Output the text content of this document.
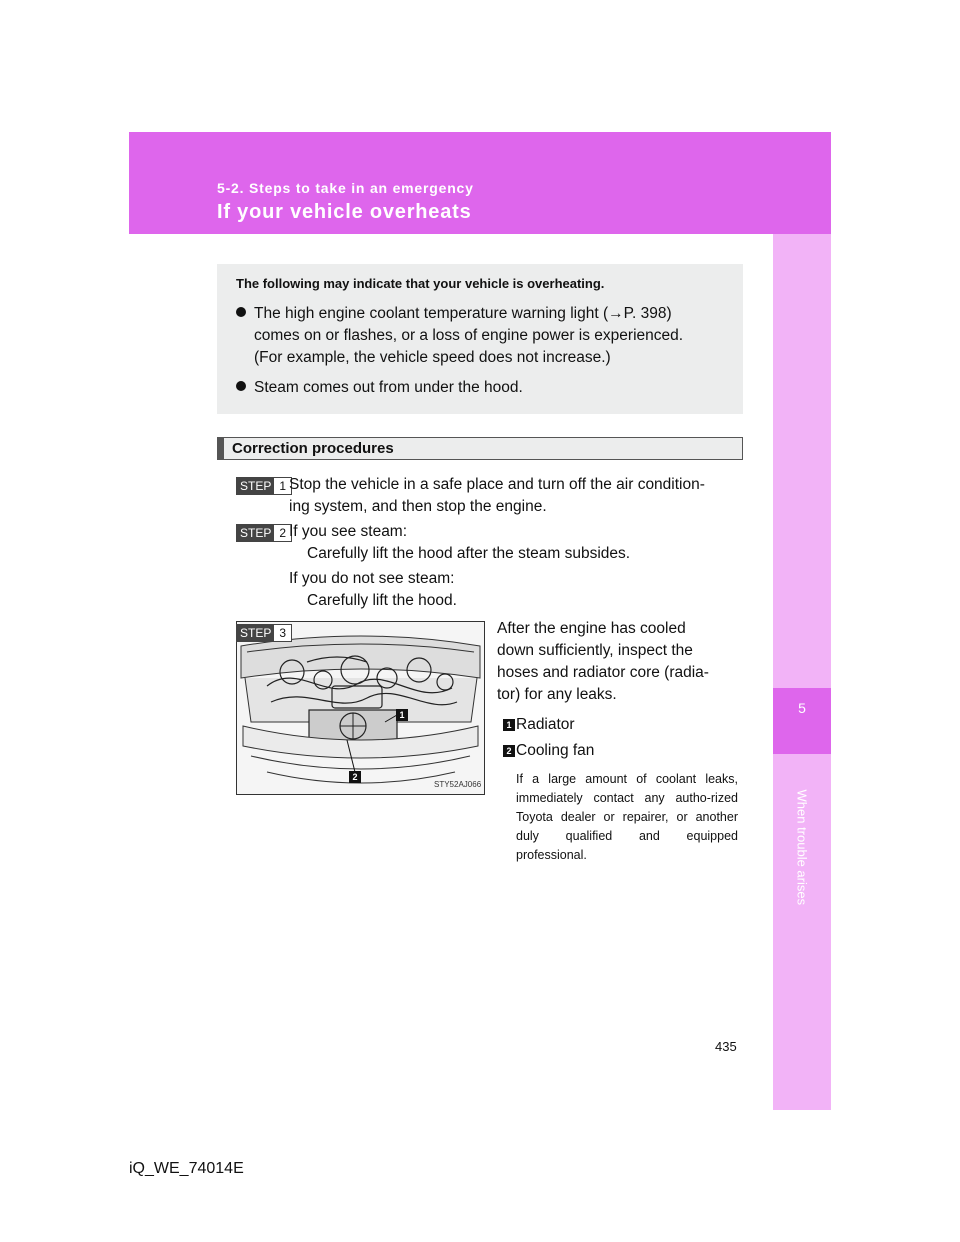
5-2. Steps to take in an emergency
If your vehicle overheats
5
When trouble arises
The following may indicate that your vehicle is overheating.
The high engine coolant temperature warning light (→P. 398)
comes on or flashes, or a loss of engine power is experienced.
(For example, the vehicle speed does not increase.)
Steam comes out from under the hood.
Correction procedures
STEP 1 Stop the vehicle in a safe place and turn off the air condition-
ing system, and then stop the engine.
STEP 2 If you see steam:
Carefully lift the hood after the steam subsides.
If you do not see steam:
Carefully lift the hood.
STEP 3
1
2
STY52AJ066
After the engine has cooled
down sufficiently, inspect the
hoses and radiator core (radia-
tor) for any leaks.
1 Radiator
2 Cooling fan
If a large amount of coolant leaks, immediately contact any autho-rized Toyota dealer or repairer, or another duly qualified and equipped professional.
435
iQ_WE_74014E
